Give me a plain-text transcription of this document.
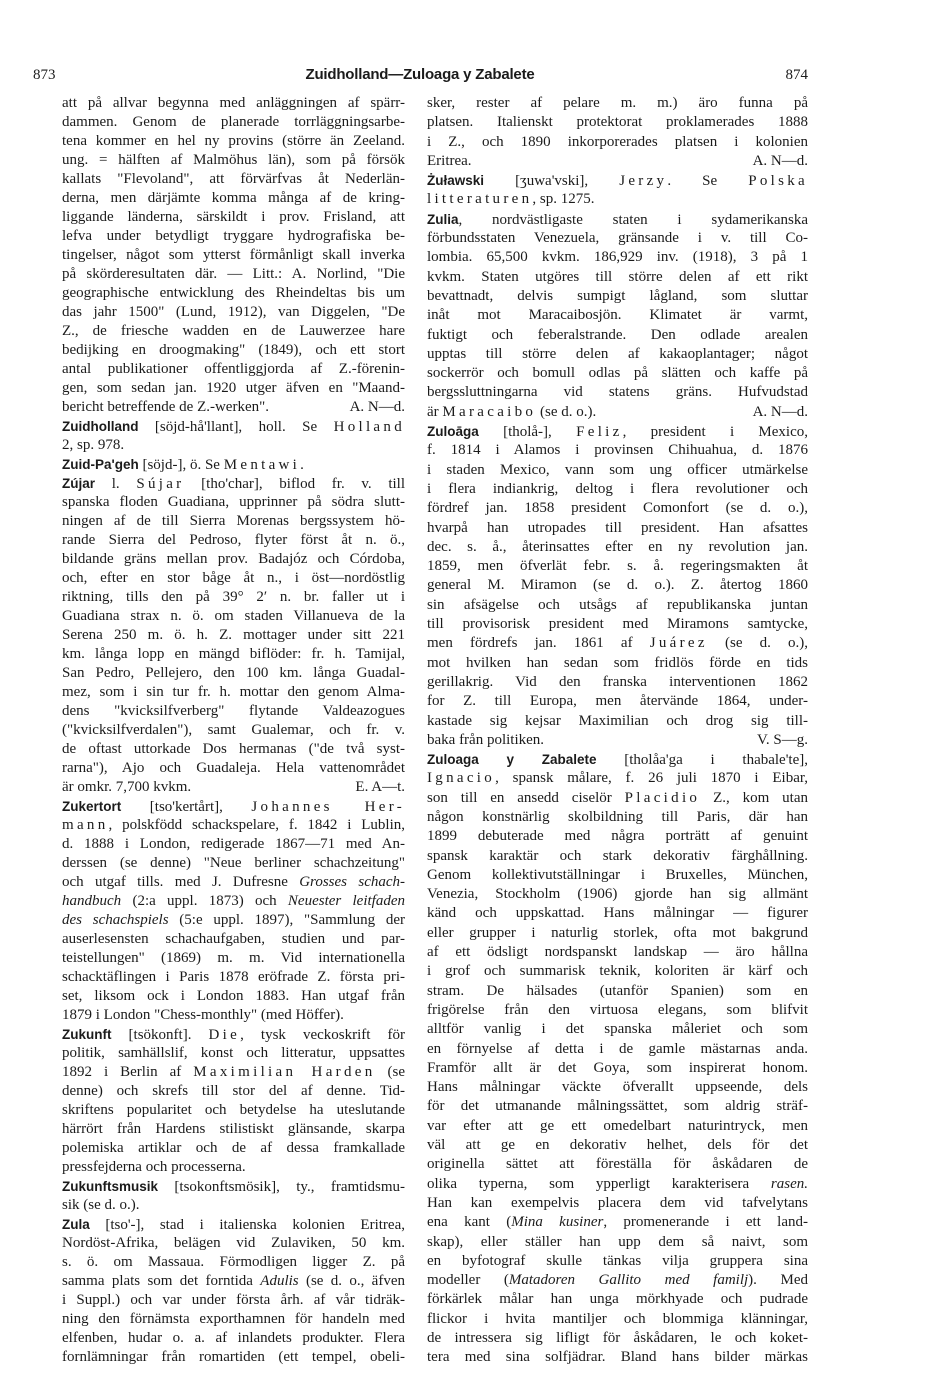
873	Zuidholland—Zuloaga y Zabalete	874
att på allvar begynna med anläggningen af spärr-
dammen. Genom de planerade torrläggningsarbe-
tena kommer en hel ny provins (större än Zeeland.
ung. = hälften af Malmöhus län), som på försök
kallats "Flevoland", att förvärfvas åt Nederlän-
derna, men därjämte komma många af de kring-
liggande länderna, särskildt i prov. Frisland, att
lefva under betydligt tryggare hydrografiska be-
tingelser, något som ytterst förmånligt skall inverka
på skörderesultaten där. — Litt.: A. Norlind, "Die
geographische entwicklung des Rheindeltas bis um
das jahr 1500" (Lund, 1912), van Diggelen, "De
Z., de friesche wadden en de Lauwerzee hare
bedijking en droogmaking" (1849), och ett stort
antal publikationer offentliggjorda af Z.-förenin-
gen, som sedan jan. 1920 utger äfven en "Maand-
bericht betreffende de Z.-werken".	A. N—d.
Zuidholland [söjd-hå'llant], holl. Se Holland
2, sp. 978.
Zuid-Pa'geh [söjd-], ö. Se Mentawi.
Zújar l. Sújar [tho'char], biflod fr. v. till
spanska floden Guadiana, upprinner på södra slutt-
ningen af de till Sierra Morenas bergssystem hö-
rande Sierra del Pedroso, flyter först åt n. ö.,
bildande gräns mellan prov. Badajóz och Córdoba,
och, efter en stor båge åt n., i öst—nordöstlig
riktning, tills den på 39° 2′ n. br. faller ut i
Guadiana strax n. ö. om staden Villanueva de la
Serena 250 m. ö. h. Z. mottager under sitt 221
km. långa lopp en mängd biflöder: fr. h. Tamijal,
San Pedro, Pellejero, den 100 km. långa Guadal-
mez, som i sin tur fr. h. mottar den genom Alma-
dens "kvicksilfverberg" flytande Valdeazogues
("kvicksilfverdalen"), samt Gualemar, och fr. v.
de oftast uttorkade Dos hermanas ("de två syst-
rarna"), Ajo och Guadaleja. Hela vattenområdet
är omkr. 7,700 kvkm.	E. A—t.
Zukertort [tso'kertårt], Johannes Her-
mann, polskfödd schackspelare, f. 1842 i Lublin,
d. 1888 i London, redigerade 1867—71 med An-
derssen (se denne) "Neue berliner schachzeitung"
och utgaf tills. med J. Dufresne Grosses schach-
handbuch (2:a uppl. 1873) och Neuester leitfaden
des schachspiels (5:e uppl. 1897), "Sammlung der
auserlesensten schachaufgaben, studien und par-
teistellungen" (1869) m. m. Vid internationella
schacktäflingen i Paris 1878 eröfrade Z. första pri-
set, liksom ock i London 1883. Han utgaf från
1879 i London "Chess-monthly" (med Höffer).
Zukunft [tsökonft]. Die, tysk veckoskrift för
politik, samhällslif, konst och litteratur, uppsattes
1892 i Berlin af Maximilian Harden (se
denne) och skrefs till stor del af denne. Tid-
skriftens popularitet och betydelse ha uteslutande
härrört från Hardens stilistiskt glänsande, skarpa
polemiska artiklar och de af dessa framkallade
pressfejderna och processerna.
Zukunftsmusik [tsokonftsmösik], ty., framtidsmu-
sik (se d. o.).
Zula [tso'-], stad i italienska kolonien Eritrea,
Nordöst-Afrika, belägen vid Zulaviken, 50 km.
s. ö. om Massaua. Förmodligen ligger Z. på
samma plats som det forntida Adulis (se d. o., äfven
i Suppl.) och var under första årh. af vår tidräk-
ning den förnämsta exporthamnen för handeln med
elfenben, hudar o. a. af inlandets produkter. Flera
fornlämningar från romartiden (ett tempel, obeli-
sker, rester af pelare m. m.) äro funna på
platsen. Italienskt protektorat proklamerades 1888
i Z., och 1890 inkorporerades platsen i kolonien
Eritrea.	A. N—d.
Żuławski [ʒuwa'vski], Jerzy. Se Polska
litteraturen, sp. 1275.
Zulia, nordvästligaste staten i sydamerikanska
förbundsstaten Venezuela, gränsande i v. till Co-
lombia. 65,500 kvkm. 186,929 inv. (1918), 3 på 1
kvkm. Staten utgöres till större delen af ett rikt
bevattnadt, delvis sumpigt lågland, som sluttar
inåt mot Maracaibosjön. Klimatet är varmt,
fuktigt och feberalstrande. Den odlade arealen
upptas till större delen af kakaoplantager; något
sockerrör och bomull odlas på slätten och kaffe på
bergssluttningarna vid statens gräns. Hufvudstad
är Maracaibo (se d. o.).	A. N—d.
Zuloāga [tholå-], Feliz, president i Mexico,
f. 1814 i Alamos i provinsen Chihuahua, d. 1876
i staden Mexico, vann som ung officer utmärkelse
i flera indiankrig, deltog i flera revolutioner och
fördref jan. 1858 president Comonfort (se d. o.),
hvarpå han utropades till president. Han afsattes
dec. s. å., återinsattes efter en ny revolution jan.
1859, men öfverlät febr. s. å. regeringsmakten åt
general M. Miramon (se d. o.). Z. återtog 1860
sin afsägelse och utsågs af republikanska juntan
till provisorisk president med Miramons samtycke,
men fördrefs jan. 1861 af Juárez (se d. o.),
mot hvilken han sedan som fridlös förde en tids
gerillakrig. Vid den franska interventionen 1862
for Z. till Europa, men återvände 1864, under-
kastade sig kejsar Maximilian och drog sig till-
baka från politiken.	V. S—g.
Zuloaga y Zabalete [tholåa'ga i thabale'te],
Ignacio, spansk målare, f. 26 juli 1870 i Eibar,
son till en ansedd ciselör Placidio Z., kom utan
någon konstnärlig skolbildning till Paris, där han
1899 debuterade med några porträtt af genuint
spansk karaktär och stark dekorativ färghållning.
Genom kollektivutställningar i Bruxelles, München,
Venezia, Stockholm (1906) gjorde han sig allmänt
känd och uppskattad. Hans målningar — figurer
eller grupper i naturlig storlek, ofta mot bakgrund
af ett ödsligt nordspanskt landskap — äro hållna
i grof och summarisk teknik, koloriten är kärf och
stram. De hälsades (utanför Spanien) som en
frigörelse från den virtuosa elegans, som blifvit
alltför vanlig i det spanska måleriet och som
en förnyelse af detta i de gamle mästarnas anda.
Framför allt är det Goya, som inspirerat honom.
Hans målningar väckte öfverallt uppseende, dels
för det utmanande målningssättet, som aldrig sträf-
var efter att ge ett omedelbart naturintryck, men
väl att ge en dekorativ helhet, dels för det
originella sättet att föreställa för åskådaren de
olika typerna, som ypperligt karakterisera rasen.
Han kan exempelvis placera dem vid tafvelytans
ena kant (Mina kusiner, promenerande i ett land-
skap), eller ställer han upp dem så naivt, som
en byfotograf skulle tänkas vilja gruppera sina
modeller (Matadoren Gallito med familj). Med
förkärlek målar han unga mörkhyade och pudrade
flickor i hvita mantiljer och blommiga klänningar,
de intressera sig lifligt för åskådaren, le och koket-
tera med sina solfjädrar. Bland hans bilder märkas
